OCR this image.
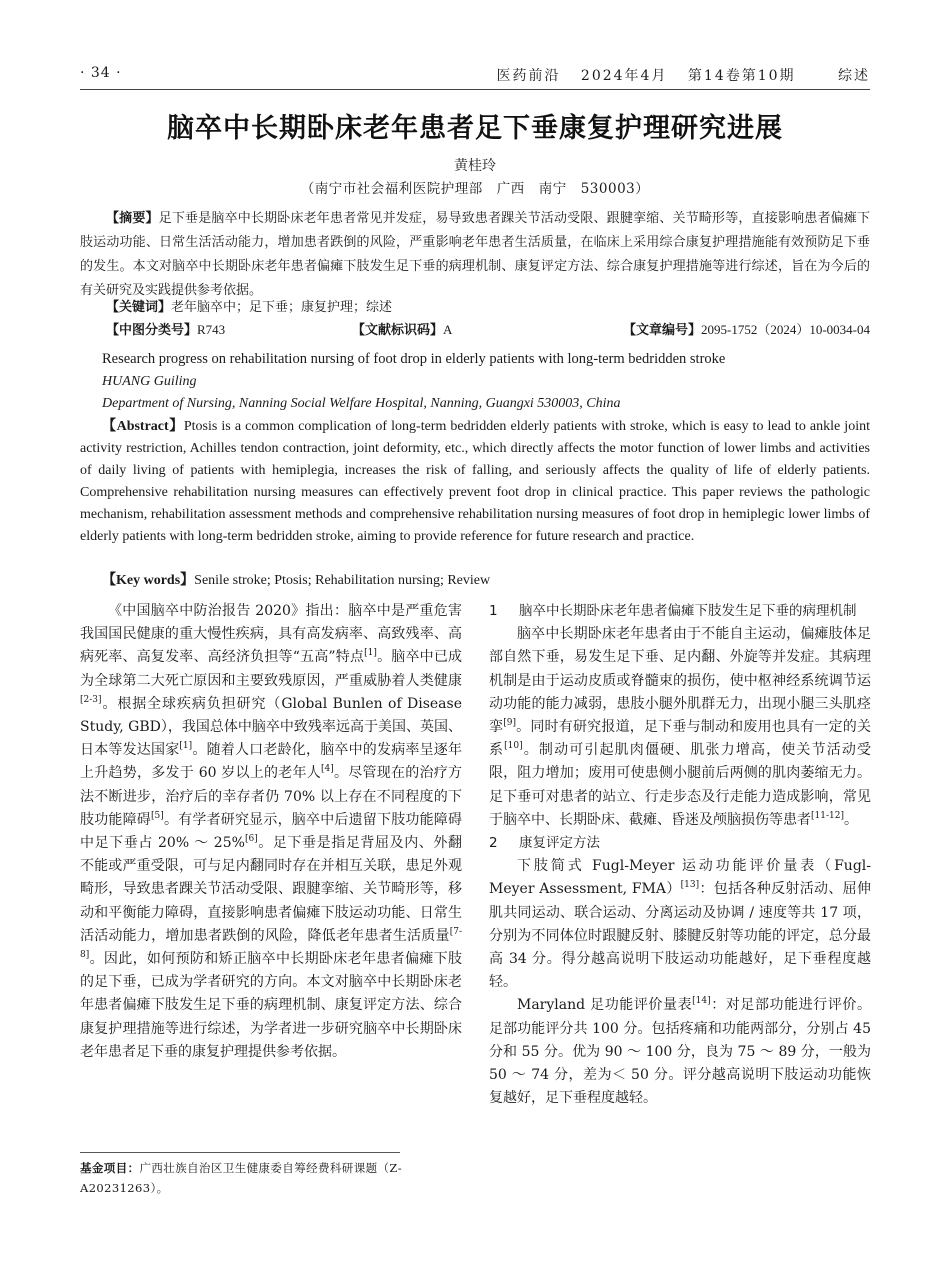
· 34 ·	医药前沿 2024年4月 第14卷第10期	综述
脑卒中长期卧床老年患者足下垂康复护理研究进展
黄桂玲
（南宁市社会福利医院护理部　广西　南宁　530003）
【摘要】足下垂是脑卒中长期卧床老年患者常见并发症，易导致患者踝关节活动受限、跟腱挛缩、关节畸形等，直接影响患者偏瘫下肢运动功能、日常生活活动能力，增加患者跌倒的风险，严重影响老年患者生活质量，在临床上采用综合康复护理措施能有效预防足下垂的发生。本文对脑卒中长期卧床老年患者偏瘫下肢发生足下垂的病理机制、康复评定方法、综合康复护理措施等进行综述，旨在为今后的有关研究及实践提供参考依据。
【关键词】老年脑卒中；足下垂；康复护理；综述
【中图分类号】R743	【文献标识码】A	【文章编号】2095-1752（2024）10-0034-04
Research progress on rehabilitation nursing of foot drop in elderly patients with long-term bedridden stroke
HUANG Guiling
Department of Nursing, Nanning Social Welfare Hospital, Nanning, Guangxi 530003, China
【Abstract】Ptosis is a common complication of long-term bedridden elderly patients with stroke, which is easy to lead to ankle joint activity restriction, Achilles tendon contraction, joint deformity, etc., which directly affects the motor function of lower limbs and activities of daily living of patients with hemiplegia, increases the risk of falling, and seriously affects the quality of life of elderly patients. Comprehensive rehabilitation nursing measures can effectively prevent foot drop in clinical practice. This paper reviews the pathologic mechanism, rehabilitation assessment methods and comprehensive rehabilitation nursing measures of foot drop in hemiplegic lower limbs of elderly patients with long-term bedridden stroke, aiming to provide reference for future research and practice.
【Key words】Senile stroke; Ptosis; Rehabilitation nursing; Review

《中国脑卒中防治报告 2020》指出：脑卒中是严重危害我国国民健康的重大慢性疾病，具有高发病率、高致残率、高病死率、高复发率、高经济负担等“五高”特点[1]。脑卒中已成为全球第二大死亡原因和主要致残原因，严重威胁着人类健康[2-3]。根据全球疾病负担研究（Global Bunlen of Disease Study, GBD），我国总体中脑卒中致残率远高于美国、英国、日本等发达国家[1]。随着人口老龄化，脑卒中的发病率呈逐年上升趋势，多发于 60 岁以上的老年人[4]。尽管现在的治疗方法不断进步，治疗后的幸存者仍 70% 以上存在不同程度的下肢功能障碍[5]。有学者研究显示，脑卒中后遗留下肢功能障碍中足下垂占 20% ～ 25%[6]。足下垂是指足背屈及内、外翻不能或严重受限，可与足内翻同时存在并相互关联，患足外观畸形，导致患者踝关节活动受限、跟腱挛缩、关节畸形等，移动和平衡能力障碍，直接影响患者偏瘫下肢运动功能、日常生活活动能力，增加患者跌倒的风险，降低老年患者生活质量[7-8]。因此，如何预防和矫正脑卒中长期卧床老年患者偏瘫下肢的足下垂，已成为学者研究的方向。本文对脑卒中长期卧床老年患者偏瘫下肢发生足下垂的病理机制、康复评定方法、综合康复护理措施等进行综述，为学者进一步研究脑卒中长期卧床老年患者足下垂的康复护理提供参考依据。

基金项目：广西壮族自治区卫生健康委自筹经费科研课题（Z-A20231263）。
1	脑卒中长期卧床老年患者偏瘫下肢发生足下垂的病理机制

脑卒中长期卧床老年患者由于不能自主运动，偏瘫肢体足部自然下垂，易发生足下垂、足内翻、外旋等并发症。其病理机制是由于运动皮质或脊髓束的损伤，使中枢神经系统调节运动功能的能力减弱，患肢小腿外肌群无力，出现小腿三头肌痉挛[9]。同时有研究报道，足下垂与制动和废用也具有一定的关系[10]。制动可引起肌肉僵硬、肌张力增高，使关节活动受限，阻力增加；废用可使患侧小腿前后两侧的肌肉萎缩无力。足下垂可对患者的站立、行走步态及行走能力造成影响，常见于脑卒中、长期卧床、截瘫、昏迷及颅脑损伤等患者[11-12]。

2	康复评定方法

下肢简式 Fugl-Meyer 运动功能评价量表（Fugl-Meyer Assessment, FMA）[13]：包括各种反射活动、屈伸肌共同运动、联合运动、分离运动及协调 / 速度等共 17 项，分别为不同体位时跟腱反射、膝腱反射等功能的评定，总分最高 34 分。得分越高说明下肢运动功能越好，足下垂程度越轻。

Maryland 足功能评价量表[14]：对足部功能进行评价。足部功能评分共 100 分。包括疼痛和功能两部分，分别占 45 分和 55 分。优为 90 ～ 100 分，良为 75 ～ 89 分，一般为 50 ～ 74 分，差为＜ 50 分。评分越高说明下肢运动功能恢复越好，足下垂程度越轻。
